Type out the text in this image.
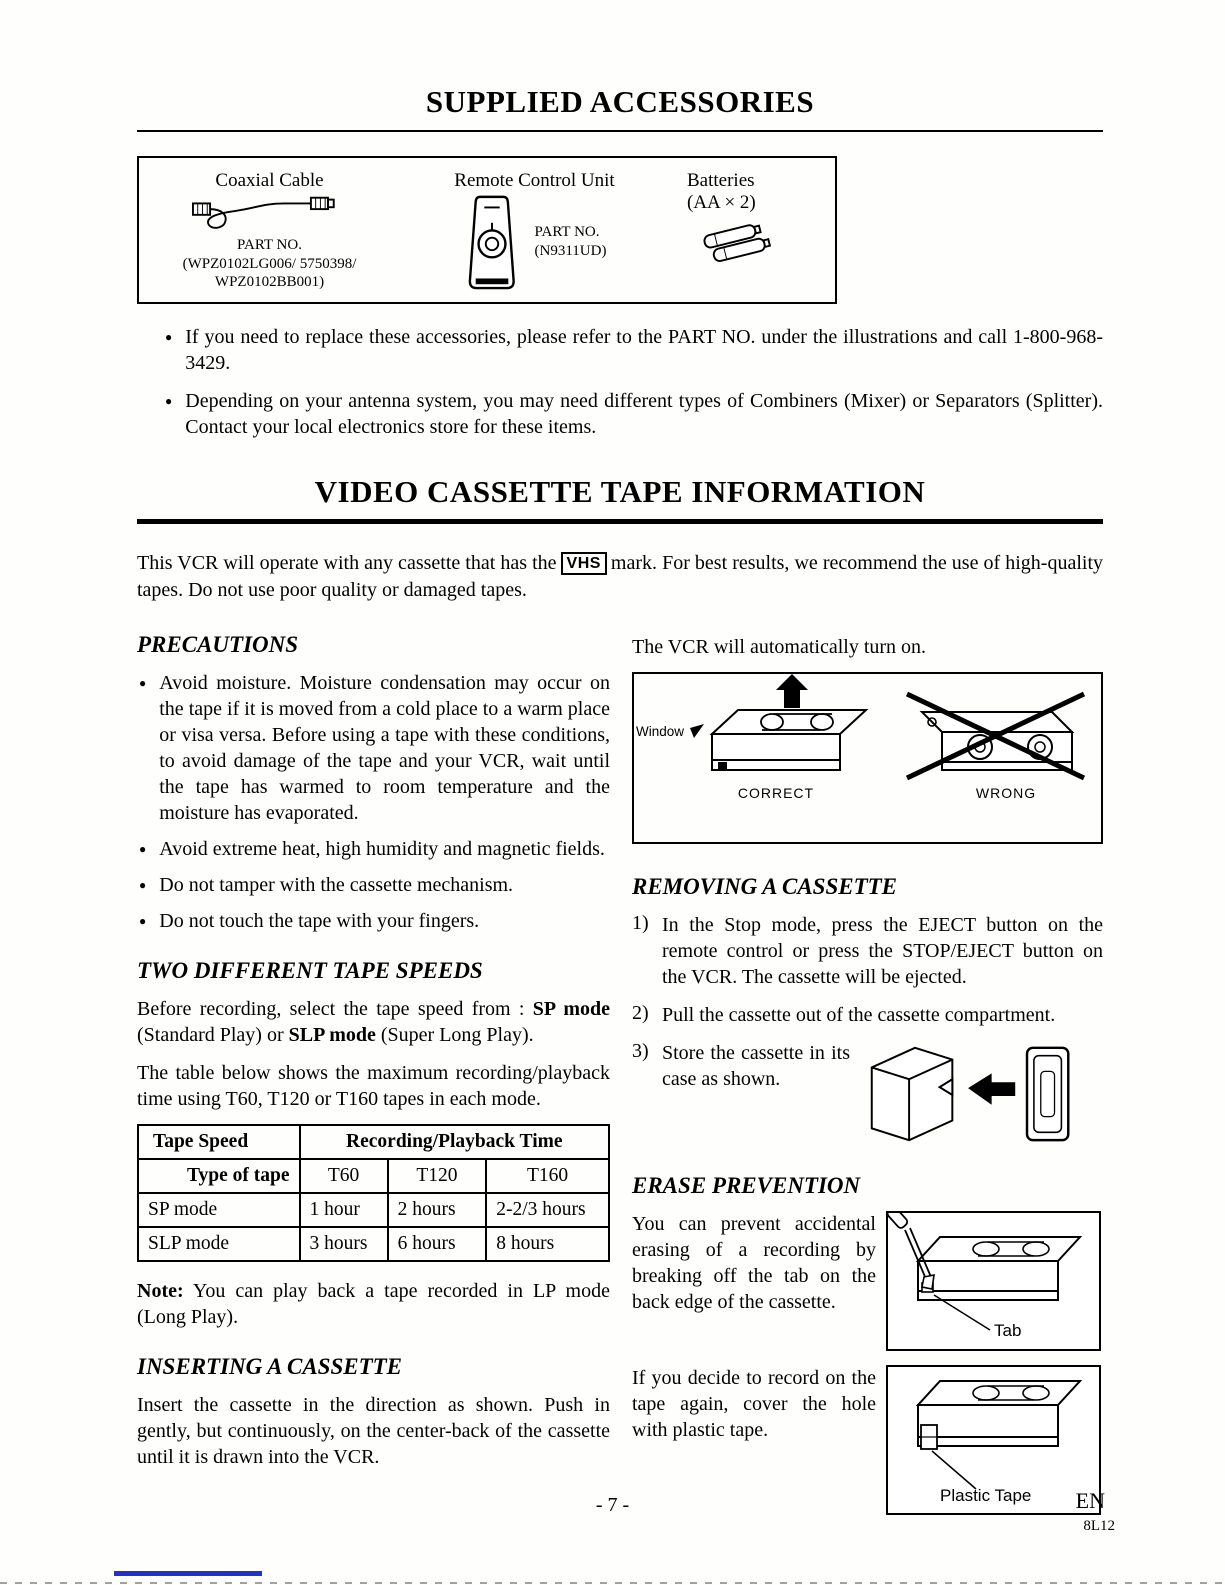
SUPPLIED ACCESSORIES
Coaxial Cable
PART NO.
(WPZ0102LG006/ 5750398/
WPZ0102BB001)
Remote Control Unit
PART NO.
(N9311UD)
Batteries
(AA × 2)
● If you need to replace these accessories, please refer to the PART NO. under the illustrations and call 1-800-968-3429.
● Depending on your antenna system, you may need different types of Combiners (Mixer) or Separators (Splitter). Contact your local electronics store for these items.
VIDEO CASSETTE TAPE INFORMATION

This VCR will operate with any cassette that has the VHS mark. For best results, we recommend the use of high-quality tapes. Do not use poor quality or damaged tapes.

PRECAUTIONS
● Avoid moisture. Moisture condensation may occur on the tape if it is moved from a cold place to a warm place or visa versa. Before using a tape with these conditions, to avoid damage of the tape and your VCR, wait until the tape has warmed to room temperature and the moisture has evaporated.
● Avoid extreme heat, high humidity and magnetic fields.
● Do not tamper with the cassette mechanism.
● Do not touch the tape with your fingers.
TWO DIFFERENT TAPE SPEEDS

Before recording, select the tape speed from : SP mode (Standard Play) or SLP mode (Super Long Play).

The table below shows the maximum recording/playback time using T60, T120 or T160 tapes in each mode.

Tape Speed	Recording/Playback Time		
Type of tape	T60	T120	T160
SP mode	1 hour	2 hours	2-2/3 hours
SLP mode	3 hours	6 hours	8 hours

Note: You can play back a tape recorded in LP mode (Long Play).

INSERTING A CASSETTE

Insert the cassette in the direction as shown. Push in gently, but continuously, on the center-back of the cassette until it is drawn into the VCR.

The VCR will automatically turn on.

Window
CORRECT	WRONG
REMOVING A CASSETTE
1) In the Stop mode, press the EJECT button on the remote control or press the STOP/EJECT button on the VCR. The cassette will be ejected.
2) Pull the cassette out of the cassette compartment.
3) Store the cassette in its case as shown.
ERASE PREVENTION
You can prevent accidental erasing of a recording by breaking off the tab on the back edge of the cassette.
Tab
If you decide to record on the tape again, cover the hole with plastic tape.
Plastic Tape
- 7 -	EN
8L12
